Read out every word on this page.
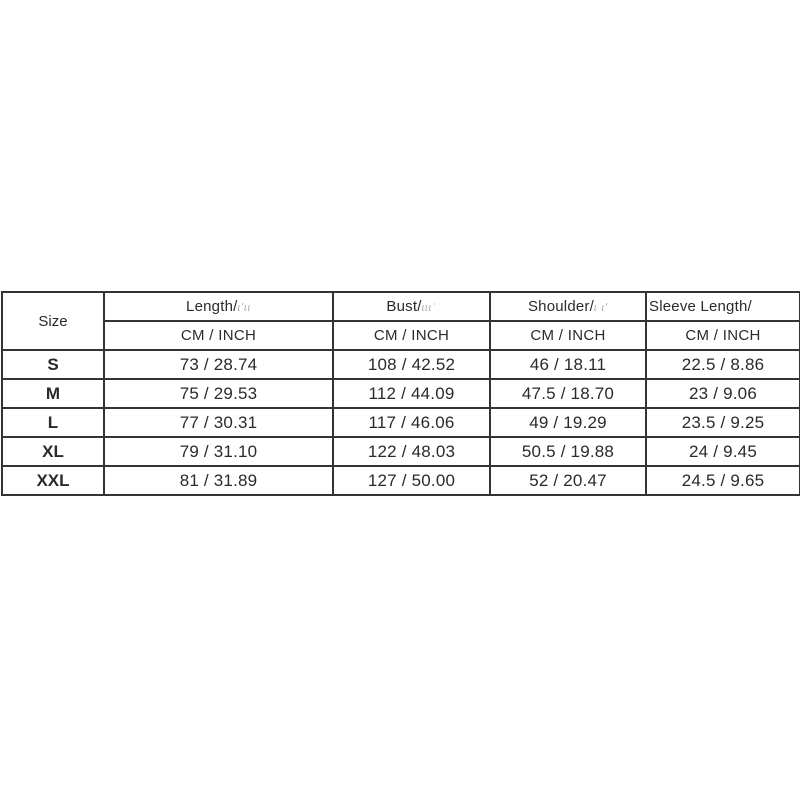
Size	Length/ɩʹɩɩ	Bust/ɩɩɩʿ	Shoulder/ɩ ɩʹ	Sleeve Length/
	CM / INCH	CM / INCH	CM / INCH	CM / INCH
S	73 / 28.74	108 / 42.52	46 / 18.11	22.5 / 8.86
M	75 / 29.53	112 / 44.09	47.5 / 18.70	23 / 9.06
L	77 / 30.31	117 / 46.06	49 / 19.29	23.5 / 9.25
XL	79 / 31.10	122 / 48.03	50.5 / 19.88	24 / 9.45
XXL	81 / 31.89	127 / 50.00	52 / 20.47	24.5 / 9.65
